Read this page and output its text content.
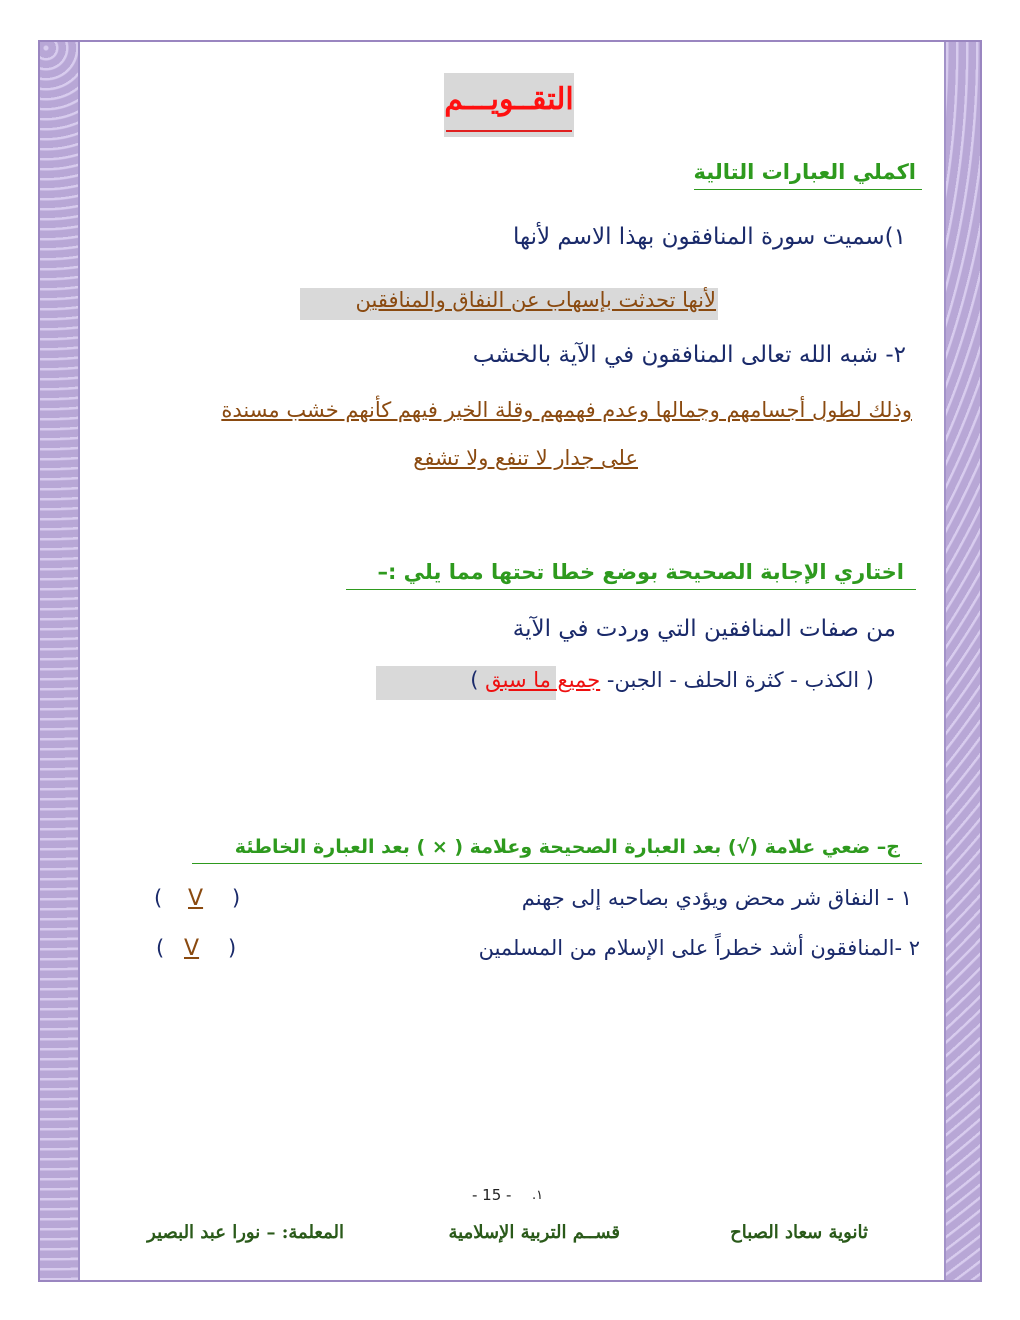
التقــويـــم
اكملي العبارات التالية
١)سميت سورة المنافقون بهذا الاسم لأنها
لأنها تحدثت بإسهاب عن النفاق والمنافقين
٢- شبه الله تعالى المنافقون في الآية بالخشب
وذلك لطول أجسامهم وجمالها وعدم فهمهم وقلة الخير فيهم كأنهم خشب مسندة
على جدار لا تنفع ولا تشفع
اختاري الإجابة الصحيحة بوضع خطا تحتها مما يلي :–
من صفات المنافقين التي وردت في الآية
( الكذب - كثرة الحلف - الجبن- جميع ما سبق )
ج– ضعي علامة (√) بعد العبارة الصحيحة وعلامة ( × ) بعد العبارة الخاطئة
١ - النفاق شر محض ويؤدي بصاحبه إلى جهنم
)
V
(
٢ -المنافقون أشد خطراً على الإسلام من المسلمين
)
V
(
- 15 - ١.
ثانوية سعاد الصباح
قســم التربية الإسلامية
المعلمة: – نورا عبد البصير
